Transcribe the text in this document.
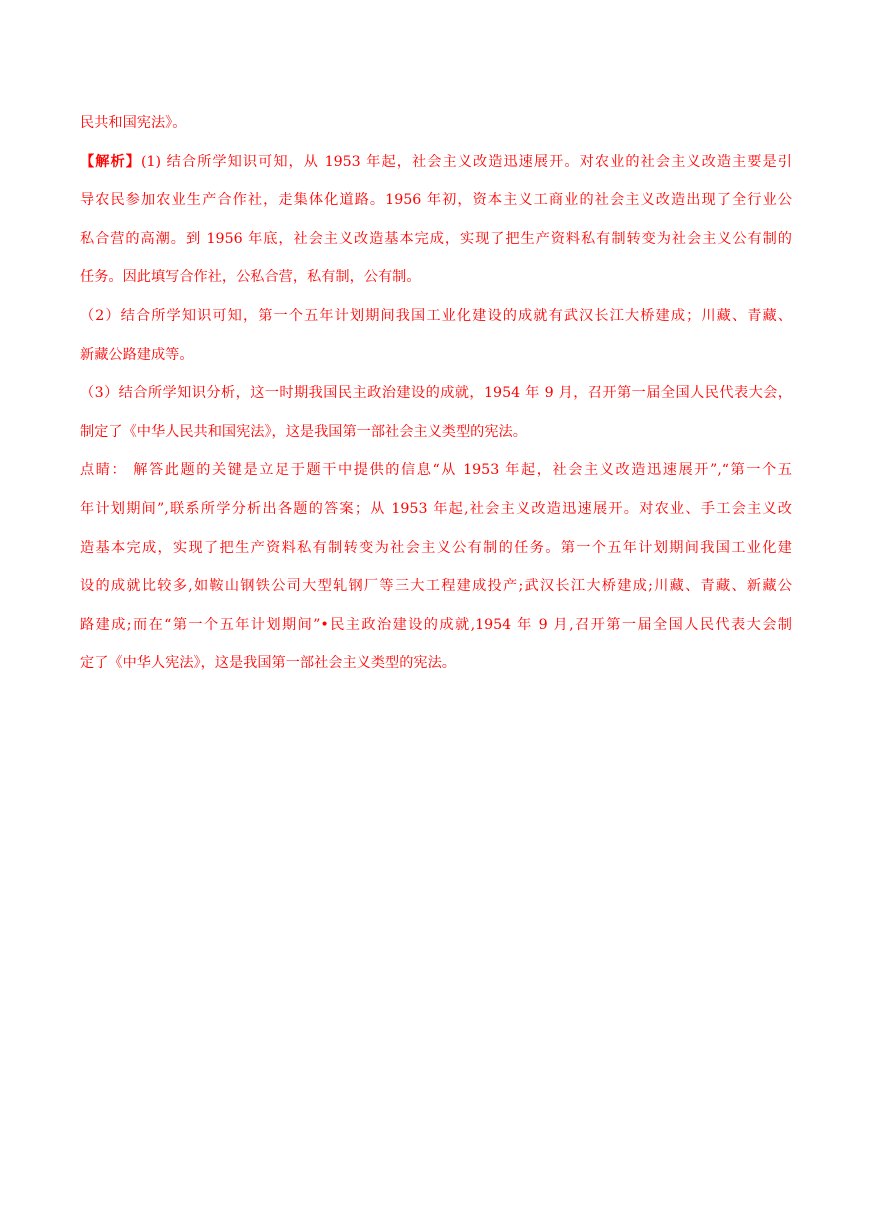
民共和国宪法》。
【解析】(1) 结合所学知识可知，从 1953 年起，社会主义改造迅速展开。对农业的社会主义改造主要是引
导农民参加农业生产合作社，走集体化道路。1956 年初，资本主义工商业的社会主义改造出现了全行业公
私合营的高潮。到 1956 年底，社会主义改造基本完成，实现了把生产资料私有制转变为社会主义公有制的
任务。因此填写合作社，公私合营，私有制，公有制。
（2）结合所学知识可知，第一个五年计划期间我国工业化建设的成就有武汉长江大桥建成；川藏、青藏、
新藏公路建成等。
（3）结合所学知识分析，这一时期我国民主政治建设的成就，1954 年 9 月，召开第一届全国人民代表大会，
制定了《中华人民共和国宪法》，这是我国第一部社会主义类型的宪法。
点睛： 解答此题的关键是立足于题干中提供的信息“从 1953 年起，社会主义改造迅速展开”,“第一个五
年计划期间”,联系所学分析出各题的答案；从 1953 年起,社会主义改造迅速展开。对农业、手工会主义改
造基本完成，实现了把生产资料私有制转变为社会主义公有制的任务。第一个五年计划期间我国工业化建
设的成就比较多,如鞍山钢铁公司大型轧钢厂等三大工程建成投产;武汉长江大桥建成;川藏、青藏、新藏公
路建成;而在“第一个五年计划期间”•民主政治建设的成就,1954 年 9 月,召开第一届全国人民代表大会制
定了《中华人宪法》，这是我国第一部社会主义类型的宪法。
